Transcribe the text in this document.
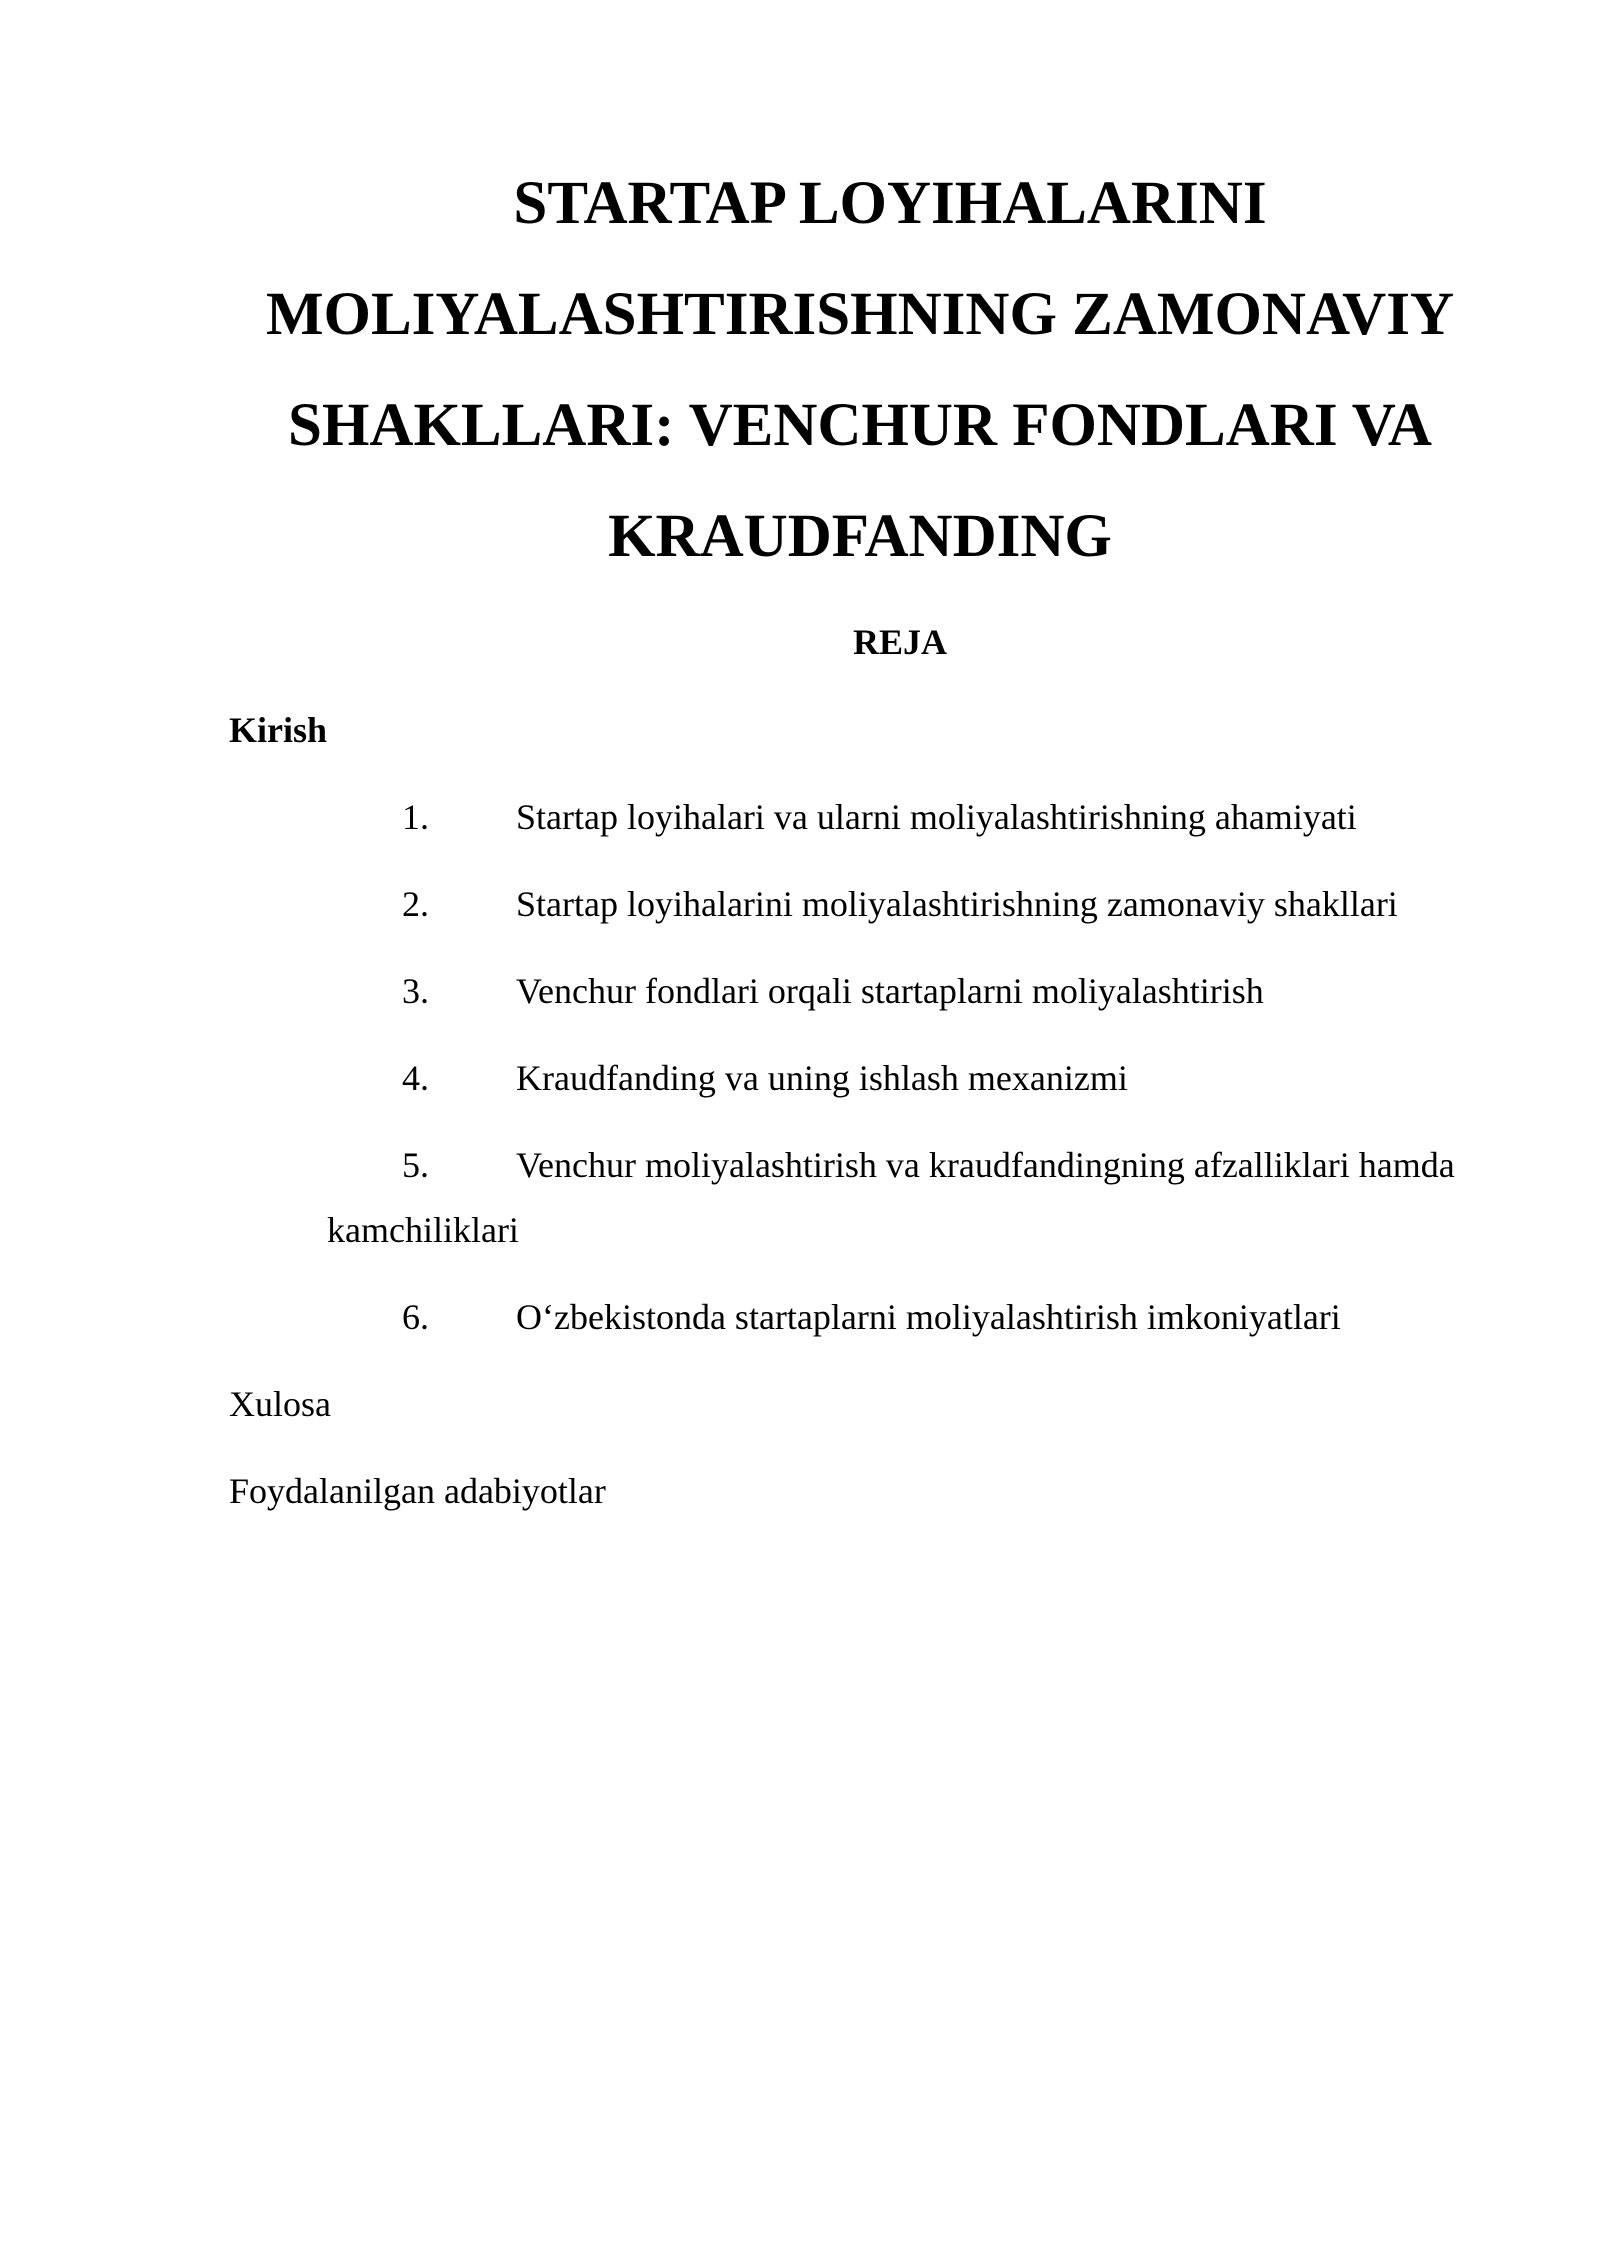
STARTAP LOYIHALARINI
MOLIYALASHTIRISHNING ZAMONAVIY
SHAKLLARI: VENCHUR FONDLARI VA
KRAUDFANDING
REJA
Kirish
1. Startap loyihalari va ularni moliyalashtirishning ahamiyati
2. Startap loyihalarini moliyalashtirishning zamonaviy shakllari
3. Venchur fondlari orqali startaplarni moliyalashtirish
4. Kraudfanding va uning ishlash mexanizmi
5. Venchur moliyalashtirish va kraudfandingning afzalliklari hamda
kamchiliklari
6. O‘zbekistonda startaplarni moliyalashtirish imkoniyatlari
Xulosa
Foydalanilgan adabiyotlar
